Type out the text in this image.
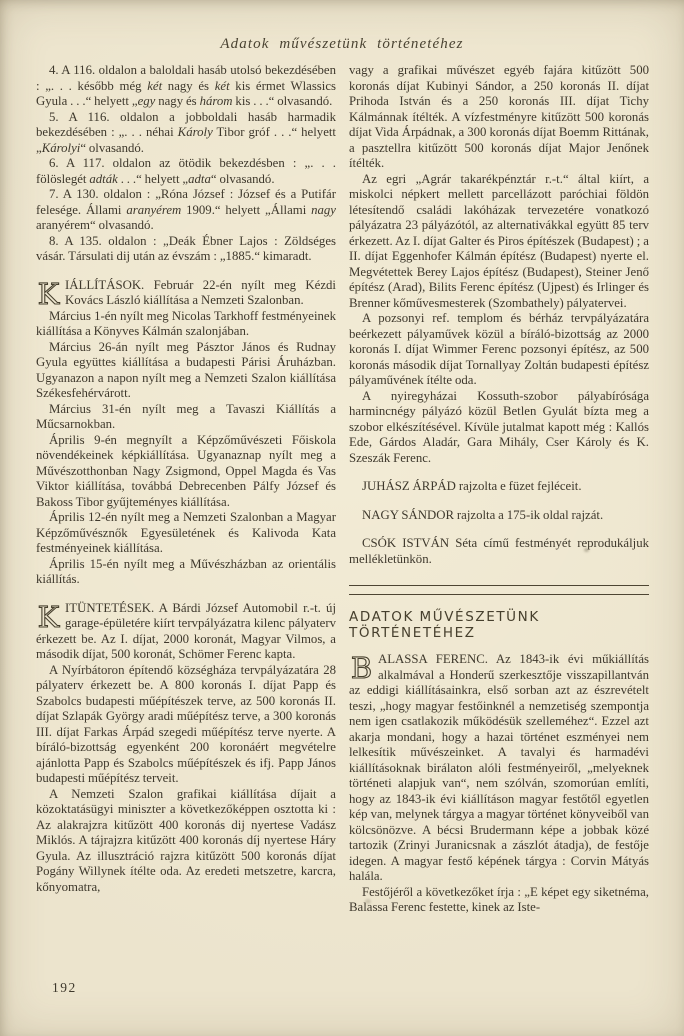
Adatok művészetünk történetéhez

4. A 116. oldalon a baloldali hasáb utolsó bekezdésében : „. . . később még két nagy és két kis érmet Wlassics Gyula . . .“ helyett „egy nagy és három kis . . .“ olvasandó.

5. A 116. oldalon a jobboldali hasáb harmadik bekezdésében : „. . . néhai Károly Tibor gróf . . .“ helyett „Károlyi“ olvasandó.

6. A 117. oldalon az ötödik bekezdésben : „. . . fölöslegét adták . . .“ helyett „adta“ olvasandó.

7. A 130. oldalon : „Róna József : József és a Putifár felesége. Állami aranyérem 1909.“ helyett „Állami nagy aranyérem“ olvasandó.

8. A 135. oldalon : „Deák Ébner Lajos : Zöldséges vásár. Társulati dij után az évszám : „1885.“ kimaradt.

KIÁLLÍTÁSOK. Február 22-én nyílt meg Kézdi Kovács László kiállítása a Nemzeti Szalonban.

Március 1-én nyílt meg Nicolas Tarkhoff festményeinek kiállítása a Könyves Kálmán szalonjában.

Március 26-án nyílt meg Pásztor János és Rudnay Gyula együttes kiállítása a budapesti Párisi Áruházban. Ugyanazon a napon nyílt meg a Nemzeti Szalon kiállítása Székesfehérvárott.

Március 31-én nyílt meg a Tavaszi Kiállítás a Műcsarnokban.

Április 9-én megnyílt a Képzőművészeti Főiskola növendékeinek képkiállítása. Ugyanaznap nyílt meg a Művészotthonban Nagy Zsigmond, Oppel Magda és Vas Viktor kiállítása, továbbá Debrecenben Pálfy József és Bakoss Tibor gyűjteményes kiállítása.

Április 12-én nyílt meg a Nemzeti Szalonban a Magyar Képzőművésznők Egyesületének és Kalivoda Kata festményeinek kiállítása.

Április 15-én nyílt meg a Művészházban az orientális kiállítás.

KITÜNTETÉSEK. A Bárdi József Automobil r.-t. új garage-épületére kiírt tervpályázatra kilenc pályaterv érkezett be. Az I. díjat, 2000 koronát, Magyar Vilmos, a második díjat, 500 koronát, Schömer Ferenc kapta.

A Nyírbátoron építendő községháza tervpályázatára 28 pályaterv érkezett be. A 800 koronás I. díjat Papp és Szabolcs budapesti műépítészek terve, az 500 koronás II. díjat Szlapák György aradi műépítész terve, a 300 koronás III. díjat Farkas Árpád szegedi műépítész terve nyerte. A bíráló-bizottság egyenként 200 koronáért megvételre ajánlotta Papp és Szabolcs műépítészek és ifj. Papp János budapesti műépítész terveit.

A Nemzeti Szalon grafikai kiállítása díjait a közoktatásügyi miniszter a következőképpen osztotta ki : Az alakrajzra kitűzött 400 koronás dij nyertese Vadász Miklós. A tájrajzra kitűzött 400 koronás díj nyertese Háry Gyula. Az illusztráció rajzra kitűzött 500 koronás díjat Pogány Willynek ítélte oda. Az eredeti metszetre, karcra, kőnyomatra,

vagy a grafikai művészet egyéb fajára kitűzött 500 koronás díjat Kubinyi Sándor, a 250 koronás II. díjat Prihoda István és a 250 koronás III. díjat Tichy Kálmánnak ítélték. A vízfestményre kitűzött 500 koronás díjat Vida Árpádnak, a 300 koronás díjat Boemm Rittának, a pasztellra kitűzött 500 koronás díjat Major Jenőnek ítélték.

Az egri „Agrár takarékpénztár r.-t.“ által kiírt, a miskolci népkert mellett parcellázott paróchiai földön létesítendő családi lakóházak tervezetére vonatkozó pályázatra 23 pályázótól, az alternativákkal együtt 85 terv érkezett. Az I. díjat Galter és Piros építészek (Budapest) ; a II. díjat Eggenhofer Kálmán építész (Budapest) nyerte el. Megvétettek Berey Lajos építész (Budapest), Steiner Jenő építész (Arad), Bilits Ferenc építész (Ujpest) és Irlinger és Brenner kőművesmesterek (Szombathely) pályatervei.

A pozsonyi ref. templom és bérház tervpályázatára beérkezett pályaművek közül a bíráló-bizottság az 2000 koronás I. díjat Wimmer Ferenc pozsonyi építész, az 500 koronás második díjat Tornallyay Zoltán budapesti építész pályaművének ítélte oda.

A nyiregyházai Kossuth-szobor pályabírósága harmincnégy pályázó közül Betlen Gyulát bízta meg a szobor elkészítésével. Kívüle jutalmat kapott még : Kallós Ede, Gárdos Aladár, Gara Mihály, Cser Károly és K. Szeszák Ferenc.

JUHÁSZ ÁRPÁD rajzolta e füzet fejléceit.

NAGY SÁNDOR rajzolta a 175-ik oldal rajzát.

CSÓK ISTVÁN Séta című festményét reprodukáljuk mellékletünkön.

ADATOK MŰVÉSZETÜNK TÖRTÉNETÉHEZ

BALASSA FERENC. Az 1843-ik évi műkiállítás alkalmával a Honderű szerkesztője visszapillantván az eddigi kiállításainkra, első sorban azt az észrevételt teszi, „hogy magyar festőinknél a nemzetiség szempontja nem igen csatlakozik működésük szelleméhez“. Ezzel azt akarja mondani, hogy a hazai történet eszményei nem lelkesítik művészeinket. A tavalyi és harmadévi kiállításoknak birálaton alóli festményeiről, „melyeknek történeti alapjuk van“, nem szólván, szomorúan említi, hogy az 1843-ik évi kiállításon magyar festőtől egyetlen kép van, melynek tárgya a magyar történet könyveiből van kölcsönözve. A bécsi Brudermann képe a jobbak közé tartozik (Zrinyi Juranicsnak a zászlót átadja), de festője idegen. A magyar festő képének tárgya : Corvin Mátyás halála.

Festőjéről a következőket írja : „E képet egy siketnéma, Balassa Ferenc festette, kinek az Iste-

192
